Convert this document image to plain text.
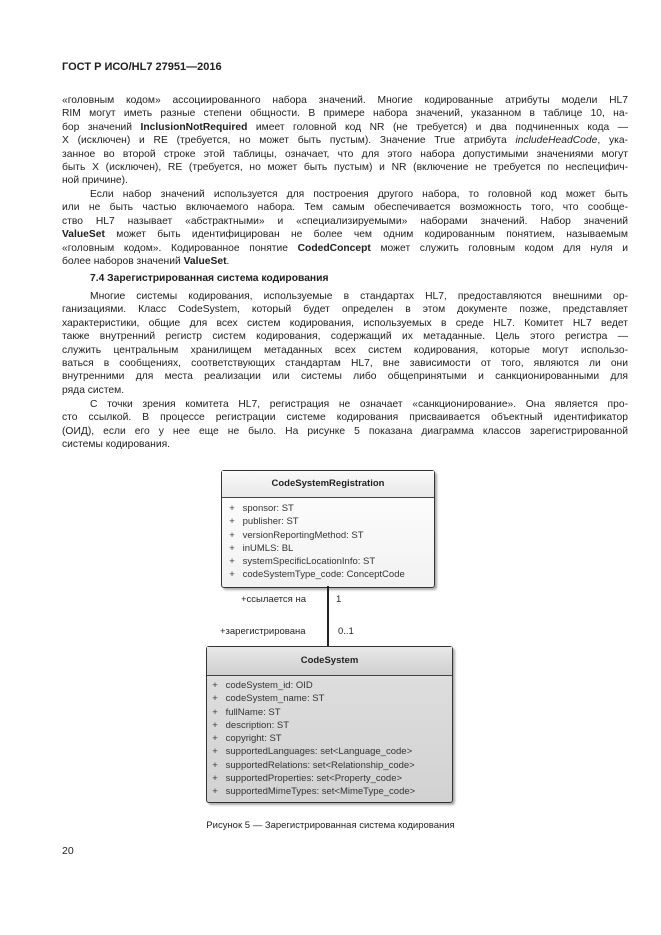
ГОСТ Р ИСО/HL7 27951—2016
«головным кодом» ассоциированного набора значений. Многие кодированные атрибуты модели HL7
RIM могут иметь разные степени общности. В примере набора значений, указанном в таблице 10, на-
бор значений InclusionNotRequired имеет головной код NR (не требуется) и два подчиненных кода —
X (исключен) и RE (требуется, но может быть пустым). Значение True атрибута includeHeadCode, ука-
занное во второй строке этой таблицы, означает, что для этого набора допустимыми значениями могут
быть X (исключен), RE (требуется, но может быть пустым) и NR (включение не требуется по неспецифич-
ной причине).
Если набор значений используется для построения другого набора, то головной код может быть
или не быть частью включаемого набора. Тем самым обеспечивается возможность того, что сообще-
ство HL7 называет «абстрактными» и «специализируемыми» наборами значений. Набор значений
ValueSet может быть идентифицирован не более чем одним кодированным понятием, называемым
«головным кодом». Кодированное понятие CodedConcept может служить головным кодом для нуля и
более наборов значений ValueSet.
Многие системы кодирования, используемые в стандартах HL7, предоставляются внешними ор-
ганизациями. Класс CodeSystem, который будет определен в этом документе позже, представляет
характеристики, общие для всех систем кодирования, используемых в среде HL7. Комитет HL7 ведет
также внутренний регистр систем кодирования, содержащий их метаданные. Цель этого регистра —
служить центральным хранилищем метаданных всех систем кодирования, которые могут использо-
ваться в сообщениях, соответствующих стандартам HL7, вне зависимости от того, являются ли они
внутренними для места реализации или системы либо общепринятыми и санкционированными для
ряда систем.
С точки зрения комитета HL7, регистрация не означает «санкционирование». Она является про-
сто ссылкой. В процессе регистрации системе кодирования присваивается объектный идентификатор
(ОИД), если его у нее еще не было. На рисунке 5 показана диаграмма классов зарегистрированной
системы кодирования.
7.4 Зарегистрированная система кодирования
CodeSystemRegistration
+ sponsor: ST
+ publisher: ST
+ versionReportingMethod: ST
+ inUMLS: BL
+ systemSpecificLocationInfo: ST
+ codeSystemType_code: ConceptCode
+ссылается на	1
+зарегистрирована	0..1
CodeSystem
+ codeSystem_id: OID
+ codeSystem_name: ST
+ fullName: ST
+ description: ST
+ copyright: ST
+ supportedLanguages: set<Language_code>
+ supportedRelations: set<Relationship_code>
+ supportedProperties: set<Property_code>
+ supportedMimeTypes: set<MimeType_code>
Рисунок 5 — Зарегистрированная система кодирования
20
